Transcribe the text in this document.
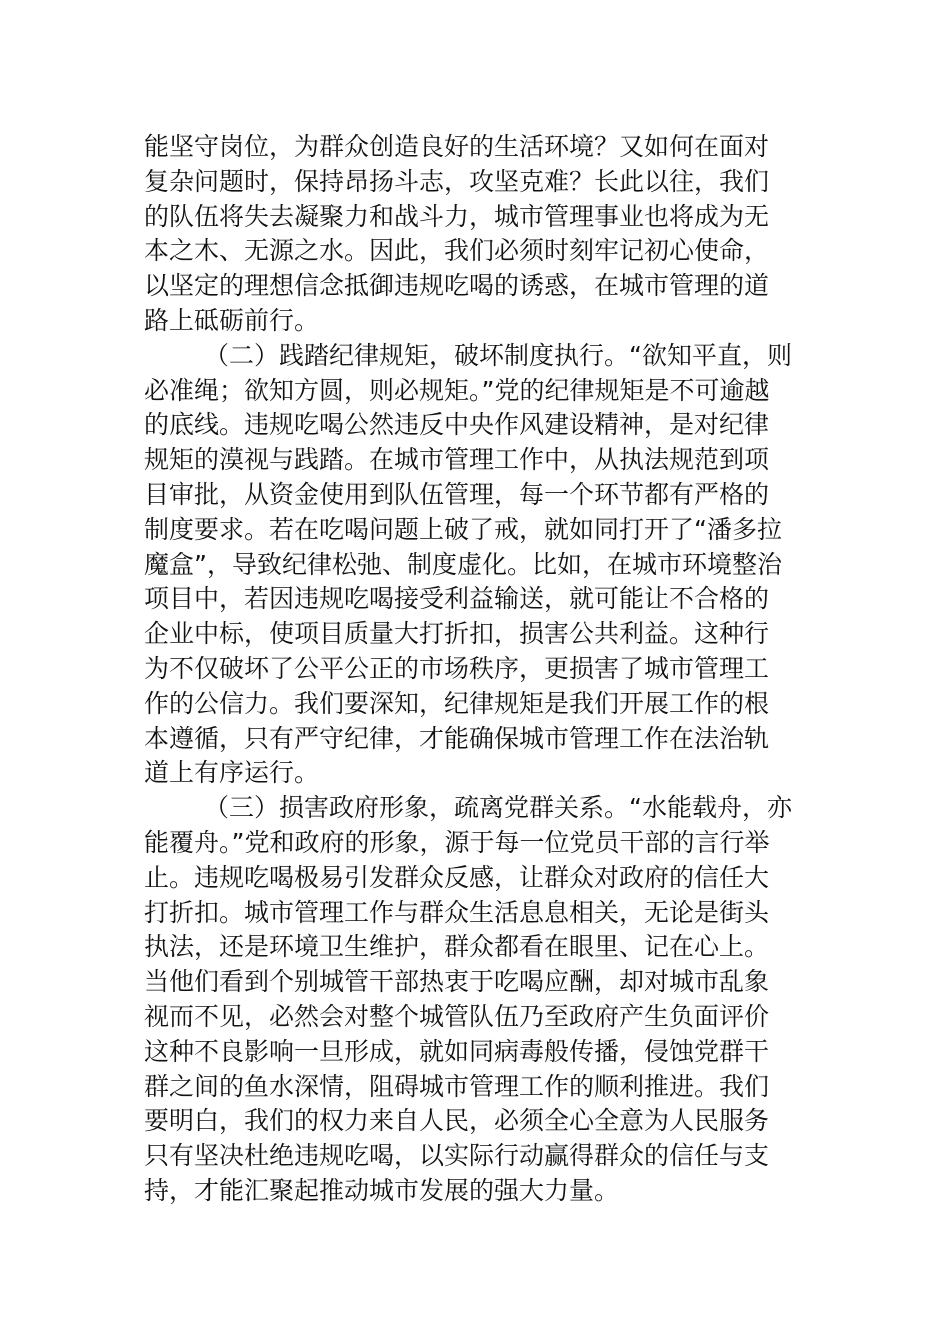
能坚守岗位，为群众创造良好的生活环境？又如何在面对
复杂问题时，保持昂扬斗志，攻坚克难？长此以往，我们
的队伍将失去凝聚力和战斗力，城市管理事业也将成为无
本之木、无源之水。因此，我们必须时刻牢记初心使命，
以坚定的理想信念抵御违规吃喝的诱惑，在城市管理的道
路上砥砺前行。
（二）践踏纪律规矩，破坏制度执行。“欲知平直，则
必准绳；欲知方圆，则必规矩。”党的纪律规矩是不可逾越
的底线。违规吃喝公然违反中央作风建设精神，是对纪律
规矩的漠视与践踏。在城市管理工作中，从执法规范到项
目审批，从资金使用到队伍管理，每一个环节都有严格的
制度要求。若在吃喝问题上破了戒，就如同打开了“潘多拉
魔盒”，导致纪律松弛、制度虚化。比如，在城市环境整治
项目中，若因违规吃喝接受利益输送，就可能让不合格的
企业中标，使项目质量大打折扣，损害公共利益。这种行
为不仅破坏了公平公正的市场秩序，更损害了城市管理工
作的公信力。我们要深知，纪律规矩是我们开展工作的根
本遵循，只有严守纪律，才能确保城市管理工作在法治轨
道上有序运行。
（三）损害政府形象，疏离党群关系。“水能载舟，亦
能覆舟。”党和政府的形象，源于每一位党员干部的言行举
止。违规吃喝极易引发群众反感，让群众对政府的信任大
打折扣。城市管理工作与群众生活息息相关，无论是街头
执法，还是环境卫生维护，群众都看在眼里、记在心上。
当他们看到个别城管干部热衷于吃喝应酬，却对城市乱象
视而不见，必然会对整个城管队伍乃至政府产生负面评价
这种不良影响一旦形成，就如同病毒般传播，侵蚀党群干
群之间的鱼水深情，阻碍城市管理工作的顺利推进。我们
要明白，我们的权力来自人民，必须全心全意为人民服务
只有坚决杜绝违规吃喝，以实际行动赢得群众的信任与支
持，才能汇聚起推动城市发展的强大力量。
